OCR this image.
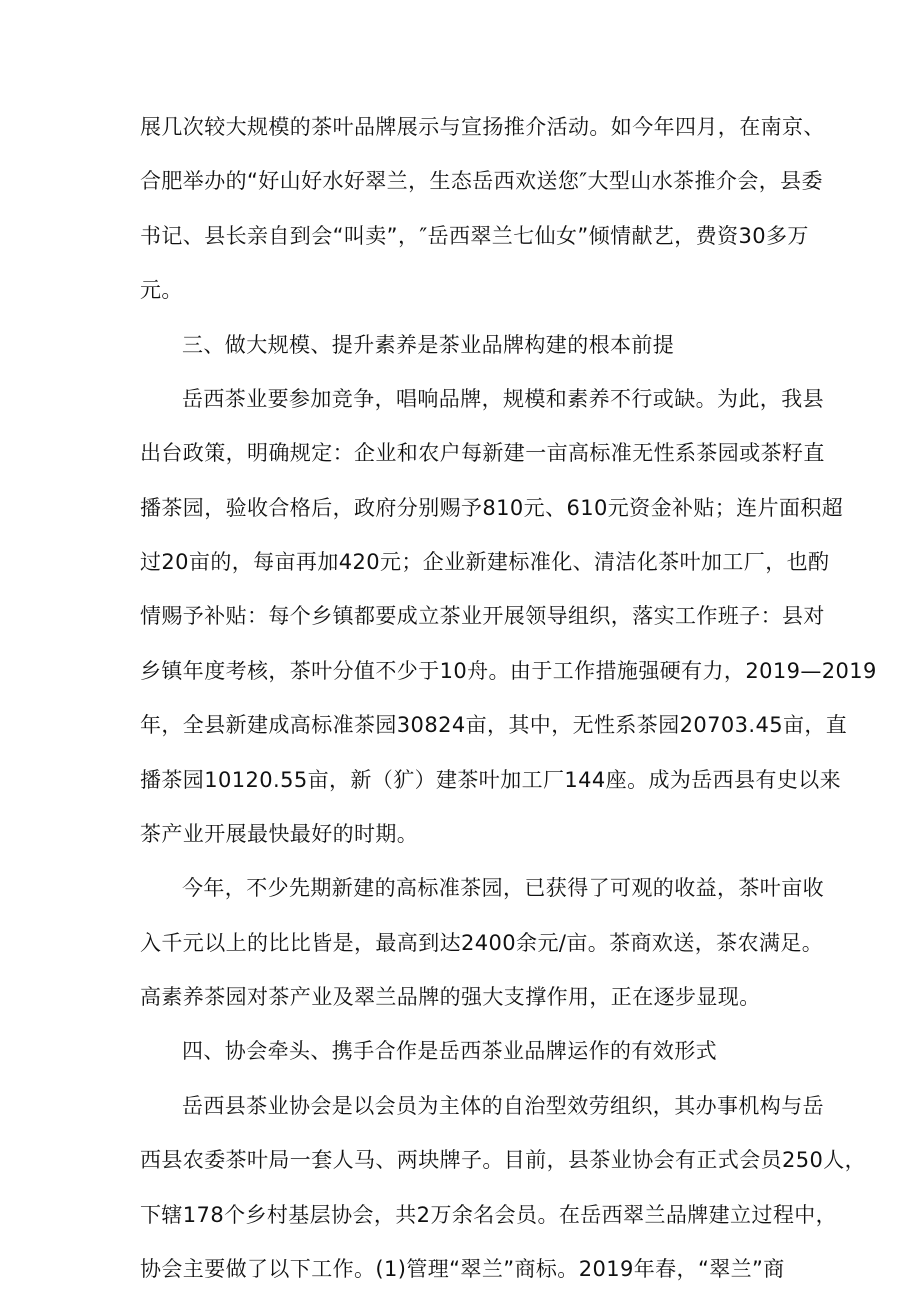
展几次较大规模的茶叶品牌展示与宣扬推介活动。如今年四月，在南京、
合肥举办的“好山好水好翠兰，生态岳西欢送您″大型山水茶推介会，县委
书记、县长亲自到会“叫卖”，″岳西翠兰七仙女”倾情献艺，费资30多万
元。
三、做大规模、提升素养是茶业品牌构建的根本前提
岳西茶业要参加竞争，唱响品牌，规模和素养不行或缺。为此，我县
出台政策，明确规定：企业和农户每新建一亩高标准无性系茶园或茶籽直
播茶园，验收合格后，政府分别赐予810元、610元资金补贴；连片面积超
过20亩的，每亩再加420元；企业新建标准化、清洁化茶叶加工厂，也酌
情赐予补贴：每个乡镇都要成立茶业开展领导组织，落实工作班子：县对
乡镇年度考核，茶叶分值不少于10舟。由于工作措施强硬有力，2019—2019
年，全县新建成高标准茶园30824亩，其中，无性系茶园20703.45亩，直
播茶园10120.55亩，新（犷）建茶叶加工厂144座。成为岳西县有史以来
茶产业开展最快最好的时期。
今年，不少先期新建的高标准茶园，已获得了可观的收益，茶叶亩收
入千元以上的比比皆是，最高到达2400余元/亩。茶商欢送，茶农满足。
高素养茶园对茶产业及翠兰品牌的强大支撑作用，正在逐步显现。
四、协会牵头、携手合作是岳西茶业品牌运作的有效形式
岳西县茶业协会是以会员为主体的自治型效劳组织，其办事机构与岳
西县农委茶叶局一套人马、两块牌子。目前，县茶业协会有正式会员250人，
下辖178个乡村基层协会，共2万余名会员。在岳西翠兰品牌建立过程中，
协会主要做了以下工作。(1)管理“翠兰”商标。2019年春，“翠兰”商
